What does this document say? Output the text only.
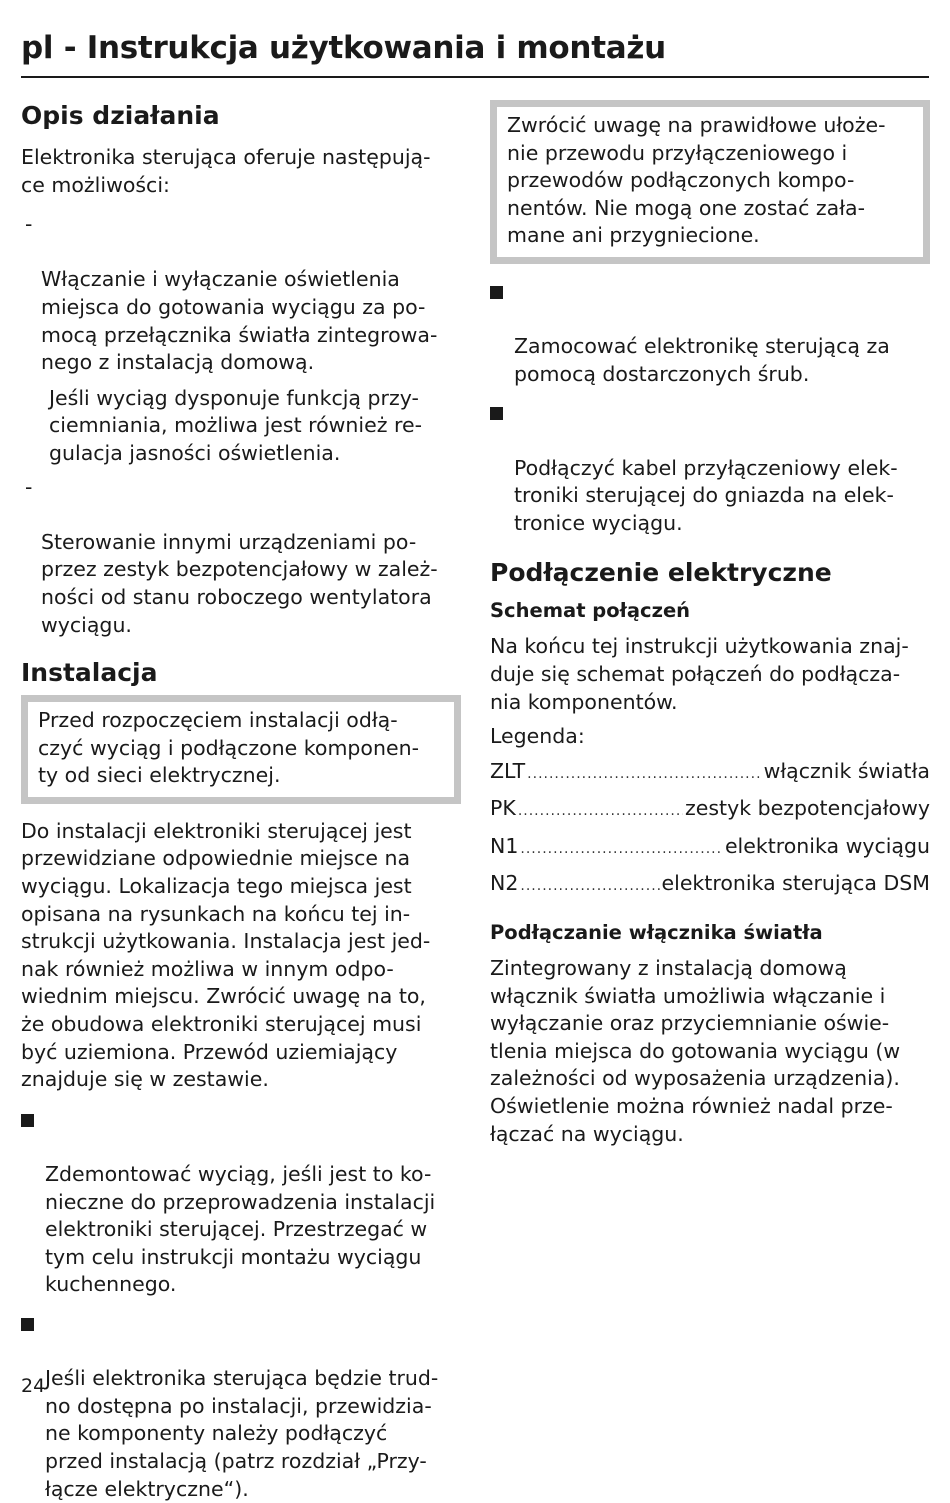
pl - Instrukcja użytkowania i montażu
Opis działania

Elektronika sterująca oferuje następują-
ce możliwości:

-

Włączanie i wyłączanie oświetlenia
miejsca do gotowania wyciągu za po-
mocą przełącznika światła zintegrowa-
nego z instalacją domową.

Jeśli wyciąg dysponuje funkcją przy-
ciemniania, możliwa jest również re-
gulacja jasności oświetlenia.

-

Sterowanie innymi urządzeniami po-
przez zestyk bezpotencjałowy w zależ-
ności od stanu roboczego wentylatora
wyciągu.

Instalacja
Przed rozpoczęciem instalacji odłą-
czyć wyciąg i podłączone komponen-
ty od sieci elektrycznej.

Do instalacji elektroniki sterującej jest
przewidziane odpowiednie miejsce na
wyciągu. Lokalizacja tego miejsca jest
opisana na rysunkach na końcu tej in-
strukcji użytkowania. Instalacja jest jed-
nak również możliwa w innym odpo-
wiednim miejscu. Zwrócić uwagę na to,
że obudowa elektroniki sterującej musi
być uziemiona. Przewód uziemiający
znajduje się w zestawie.

Zdemontować wyciąg, jeśli jest to ko-
nieczne do przeprowadzenia instalacji
elektroniki sterującej. Przestrzegać w
tym celu instrukcji montażu wyciągu
kuchennego.

Jeśli elektronika sterująca będzie trud-
no dostępna po instalacji, przewidzia-
ne komponenty należy podłączyć
przed instalacją (patrz rozdział „Przy-
łącze elektryczne“).

Zwrócić uwagę na prawidłowe ułoże-
nie przewodu przyłączeniowego i
przewodów podłączonych kompo-
nentów. Nie mogą one zostać zała-
mane ani przygniecione.

Zamocować elektronikę sterującą za
pomocą dostarczonych śrub.

Podłączyć kabel przyłączeniowy elek-
troniki sterującej do gniazda na elek-
tronice wyciągu.

Podłączenie elektryczne
Schemat połączeń

Na końcu tej instrukcji użytkowania znaj-
duje się schemat połączeń do podłącza-
nia komponentów.

Legenda:

ZLT .....	włącznik światła
PK .....	zestyk bezpotencjałowy
N1 .....	elektronika wyciągu
N2 .....	elektronika sterująca DSM
Podłączanie włącznika światła

Zintegrowany z instalacją domową
włącznik światła umożliwia włączanie i
wyłączanie oraz przyciemnianie oświe-
tlenia miejsca do gotowania wyciągu (w
zależności od wyposażenia urządzenia).
Oświetlenie można również nadal prze-
łączać na wyciągu.

24
